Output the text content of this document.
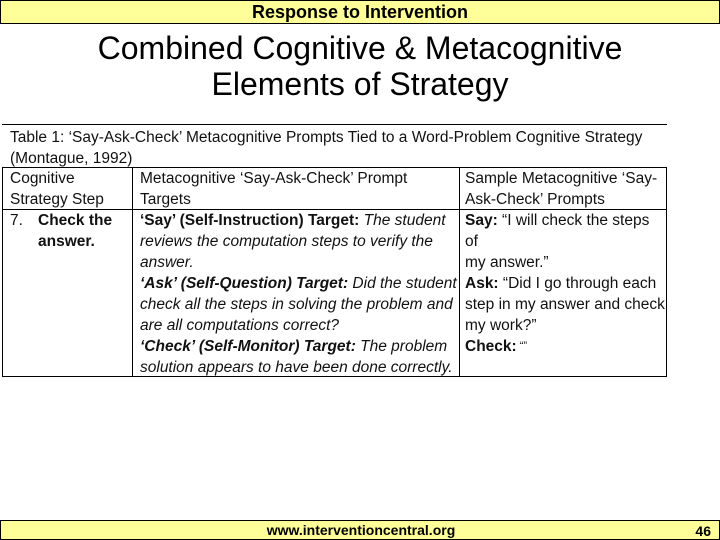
Response to Intervention
Combined Cognitive & Metacognitive
Elements of Strategy
Table 1: ‘Say-Ask-Check’ Metacognitive Prompts Tied to a Word-Problem Cognitive Strategy
(Montague, 1992)
Cognitive
Strategy Step
Metacognitive ‘Say-Ask-Check’ Prompt
Targets
Sample Metacognitive ‘Say-
Ask-Check’ Prompts
7. Check the
answer.
‘Say’ (Self-Instruction) Target: The student
reviews the computation steps to verify the
answer.
‘Ask’ (Self-Question) Target: Did the student
check all the steps in solving the problem and
are all computations correct?
‘Check’ (Self-Monitor) Target: The problem
solution appears to have been done correctly.
Say: “I will check the steps of
my answer.”
Ask: “Did I go through each
step in my answer and check
my work?”
Check: “”
www.interventioncentral.org	46
